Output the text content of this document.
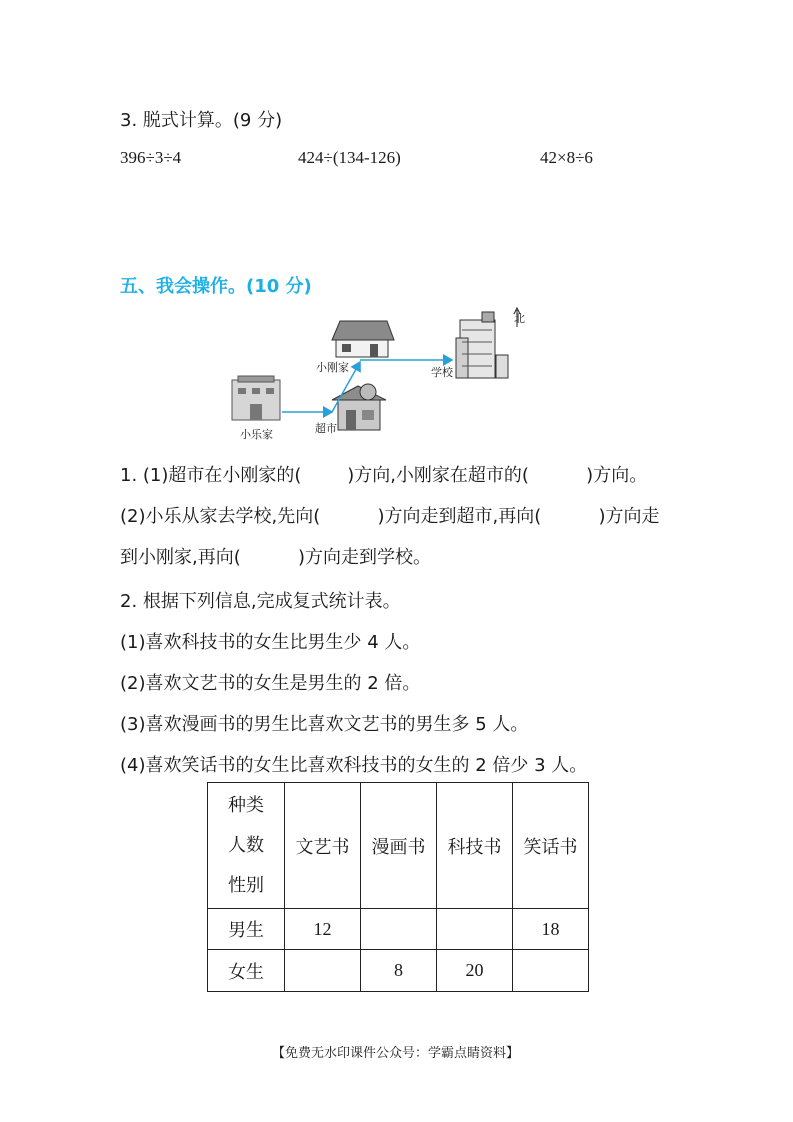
3. 脱式计算。(9 分)
396÷3÷4	424÷(134-126)	42×8÷6
五、我会操作。(10 分)
北
小刚家	学校
小乐家	超市
1. (1)超市在小刚家的(        )方向,小刚家在超市的(          )方向。
(2)小乐从家去学校,先向(          )方向走到超市,再向(          )方向走
到小刚家,再向(          )方向走到学校。
2. 根据下列信息,完成复式统计表。
(1)喜欢科技书的女生比男生少 4 人。
(2)喜欢文艺书的女生是男生的 2 倍。
(3)喜欢漫画书的男生比喜欢文艺书的男生多 5 人。
(4)喜欢笑话书的女生比喜欢科技书的女生的 2 倍少 3 人。
种类
人数
性别	文艺书	漫画书	科技书	笑话书
男生	12			18
女生		8	20	
【免费无水印课件公众号：学霸点睛资料】
